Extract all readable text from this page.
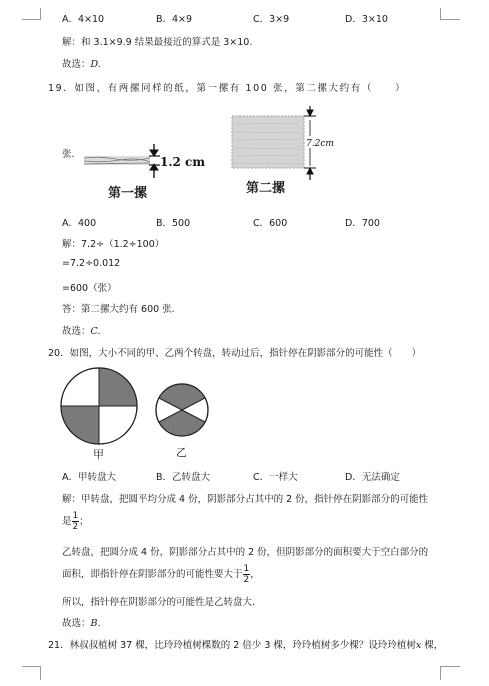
A．4×10	B．4×9	C．3×9	D．3×10
解：和 3.1×9.9 结果最接近的算式是 3×10.
故选：D.
19．如图，有两摞同样的纸，第一摞有 100 张，第二摞大约有（　　）
张.
1.2 cm
第一摞
7.2cm
第二摞
A．400	B．500	C．600	D．700
解：7.2÷（1.2÷100）
=7.2÷0.012
=600（张）
答：第二摞大约有 600 张.
故选：C.
20．如图，大小不同的甲、乙两个转盘，转动过后，指针停在阴影部分的可能性（　　）
甲	乙
A．甲转盘大	B．乙转盘大	C．一样大	D．无法确定
解：甲转盘，把圆平均分成 4 份，阴影部分占其中的 2 份，指针停在阴影部分的可能性
是 $\frac{1}{2}$ ；
乙转盘，把圆分成 4 份，阴影部分占其中的 2 份，但阴影部分的面积要大于空白部分的
面积，即指针停在阴影部分的可能性要大于 $\frac{1}{2}$ ，
所以，指针停在阴影部分的可能性是乙转盘大.
故选：B.
21．林叔叔植树 37 棵，比玲玲植树棵数的 2 倍少 3 棵，玲玲植树多少棵？设玲玲植树x 棵，
